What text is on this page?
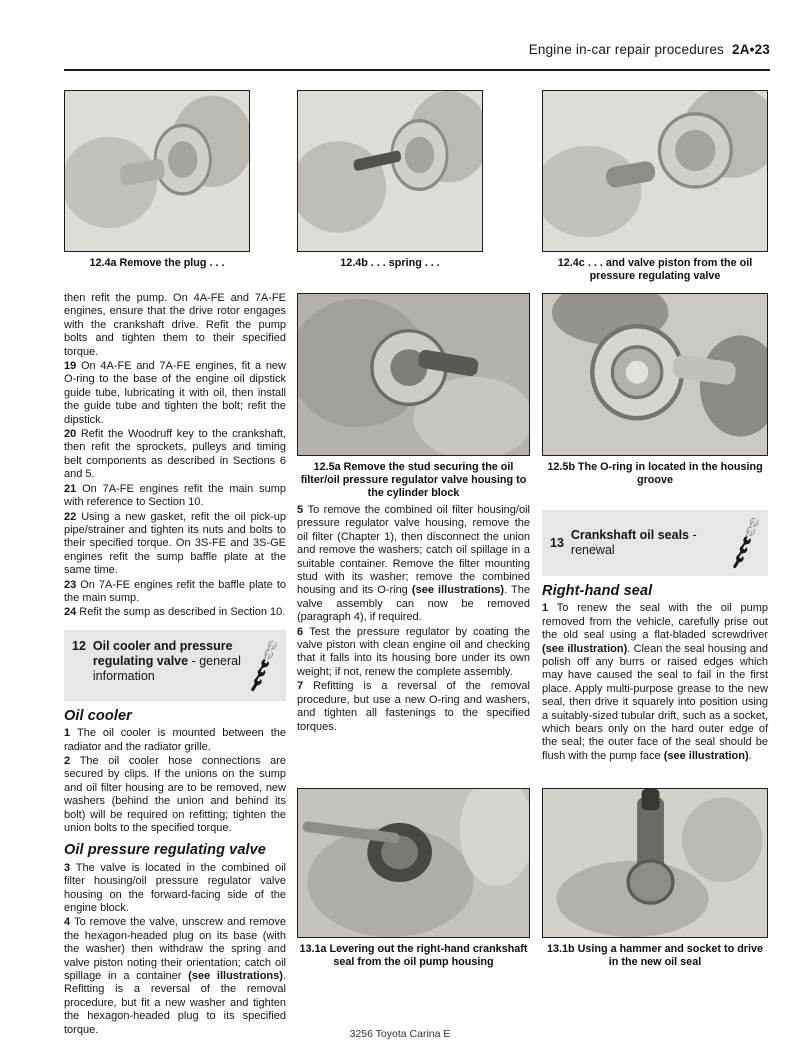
Engine in-car repair procedures 2A•23
12.4a Remove the plug . . .	12.4b . . . spring . . .	12.4c . . . and valve piston from the oil pressure regulating valve
12.5a Remove the stud securing the oil filter/oil pressure regulator valve housing to the cylinder block
12.5b The O-ring in located in the housing groove
13.1a Levering out the right-hand crankshaft seal from the oil pump housing
13.1b Using a hammer and socket to drive in the new oil seal

then refit the pump. On 4A-FE and 7A-FE engines, ensure that the drive rotor engages with the crankshaft drive. Refit the pump bolts and tighten them to their specified torque.

19 On 4A-FE and 7A-FE engines, fit a new O-ring to the base of the engine oil dipstick guide tube, lubricating it with oil, then install the guide tube and tighten the bolt; refit the dipstick.

20 Refit the Woodruff key to the crankshaft, then refit the sprockets, pulleys and timing belt components as described in Sections 6 and 5.

21 On 7A-FE engines refit the main sump with reference to Section 10.

22 Using a new gasket, refit the oil pick-up pipe/strainer and tighten its nuts and bolts to their specified torque. On 3S-FE and 3S-GE engines refit the sump baffle plate at the same time.

23 On 7A-FE engines refit the baffle plate to the main sump.

24 Refit the sump as described in Section 10.

12 Oil cooler and pressure regulating valve - general information
Oil cooler

1 The oil cooler is mounted between the radiator and the radiator grille.

2 The oil cooler hose connections are secured by clips. If the unions on the sump and oil filter housing are to be removed, new washers (behind the union and behind its bolt) will be required on refitting; tighten the union bolts to the specified torque.

Oil pressure regulating valve

3 The valve is located in the combined oil filter housing/oil pressure regulator valve housing on the forward-facing side of the engine block.

4 To remove the valve, unscrew and remove the hexagon-headed plug on its base (with the washer) then withdraw the spring and valve piston noting their orientation; catch oil spillage in a container (see illustrations). Refitting is a reversal of the removal procedure, but fit a new washer and tighten the hexagon-headed plug to its specified torque.

5 To remove the combined oil filter housing/oil pressure regulator valve housing, remove the oil filter (Chapter 1), then disconnect the union and remove the washers; catch oil spillage in a suitable container. Remove the filter mounting stud with its washer; remove the combined housing and its O-ring (see illustrations). The valve assembly can now be removed (paragraph 4), if required.

6 Test the pressure regulator by coating the valve piston with clean engine oil and checking that it falls into its housing bore under its own weight; if not, renew the complete assembly.

7 Refitting is a reversal of the removal procedure, but use a new O-ring and washers, and tighten all fastenings to the specified torques.

13
Crankshaft oil seals - renewal
Right-hand seal

1 To renew the seal with the oil pump removed from the vehicle, carefully prise out the old seal using a flat-bladed screwdriver (see illustration). Clean the seal housing and polish off any burrs or raised edges which may have caused the seal to fail in the first place. Apply multi-purpose grease to the new seal, then drive it squarely into position using a suitably-sized tubular drift, such as a socket, which bears only on the hard outer edge of the seal; the outer face of the seal should be flush with the pump face (see illustration).

3256 Toyota Carina E
